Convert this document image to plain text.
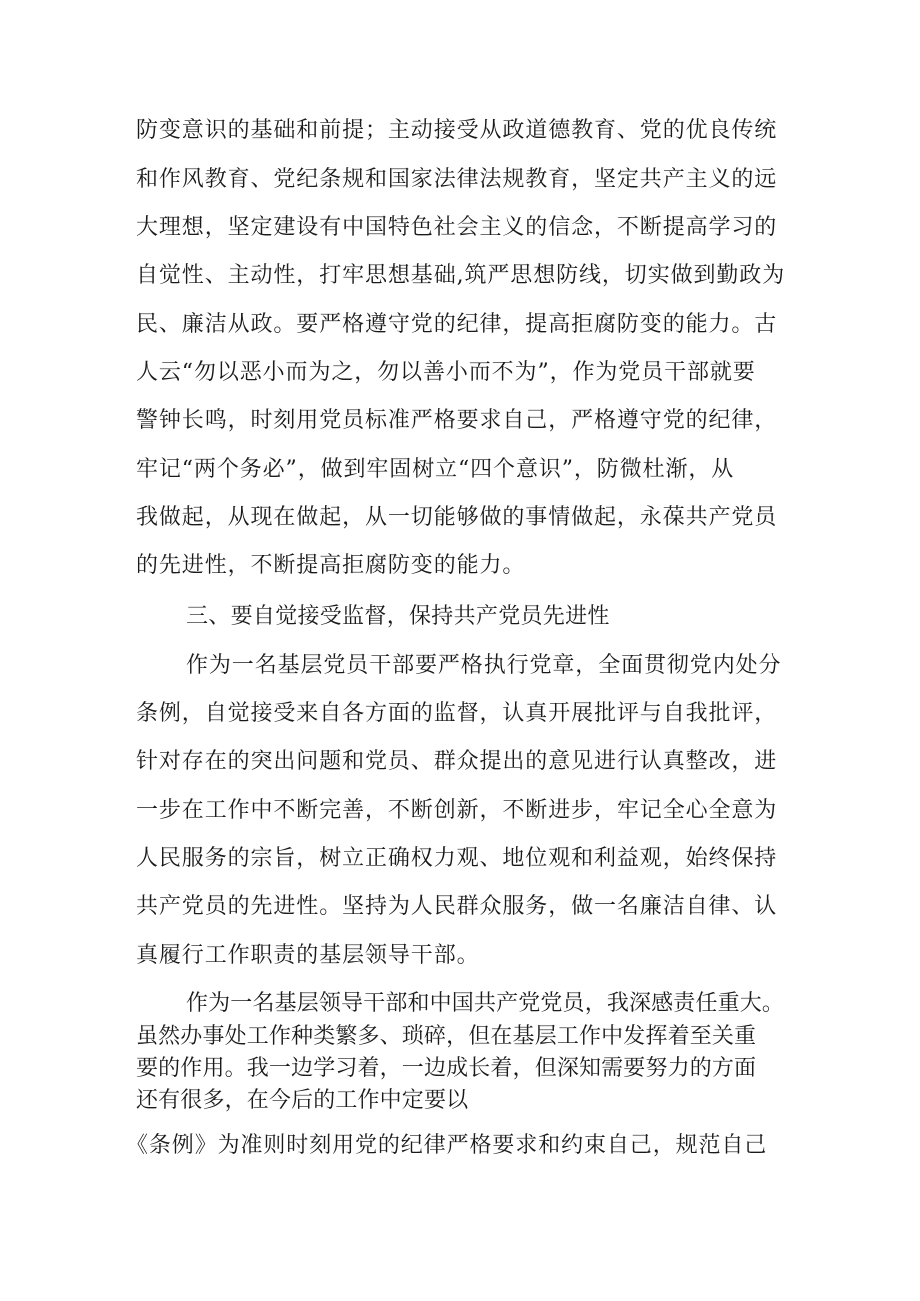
防变意识的基础和前提；主动接受从政道德教育、党的优良传统
和作风教育、党纪条规和国家法律法规教育，坚定共产主义的远
大理想，坚定建设有中国特色社会主义的信念，不断提高学习的
自觉性、主动性，打牢思想基础,筑严思想防线，切实做到勤政为
民、廉洁从政。要严格遵守党的纪律，提高拒腐防变的能力。古
人云“勿以恶小而为之，勿以善小而不为”，作为党员干部就要
警钟长鸣，时刻用党员标准严格要求自己，严格遵守党的纪律，
牢记“两个务必”，做到牢固树立“四个意识”，防微杜渐，从
我做起，从现在做起，从一切能够做的事情做起，永葆共产党员
的先进性，不断提高拒腐防变的能力。
三、要自觉接受监督，保持共产党员先进性
作为一名基层党员干部要严格执行党章，全面贯彻党内处分
条例，自觉接受来自各方面的监督，认真开展批评与自我批评，
针对存在的突出问题和党员、群众提出的意见进行认真整改，进
一步在工作中不断完善，不断创新，不断进步，牢记全心全意为
人民服务的宗旨，树立正确权力观、地位观和利益观，始终保持
共产党员的先进性。坚持为人民群众服务，做一名廉洁自律、认
真履行工作职责的基层领导干部。
作为一名基层领导干部和中国共产党党员，我深感责任重大。
虽然办事处工作种类繁多、琐碎，但在基层工作中发挥着至关重
要的作用。我一边学习着，一边成长着，但深知需要努力的方面
还有很多，在今后的工作中定要以
《条例》为准则时刻用党的纪律严格要求和约束自己，规范自己
